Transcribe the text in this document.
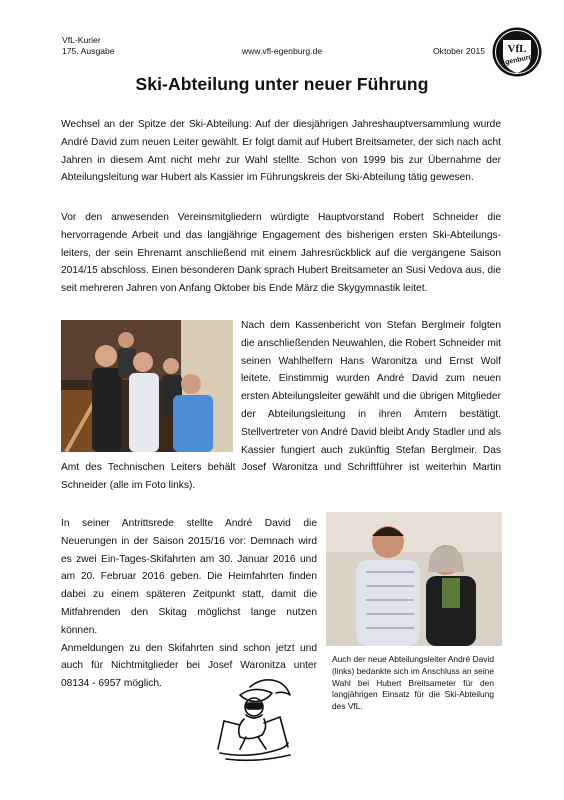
VfL-Kurier
175. Ausgabe	www.vfl-egenburg.de	Oktober 2015 VfL
Egenburg
Ski-Abteilung unter neuer Führung

Wechsel an der Spitze der Ski-Abteilung: Auf der diesjährigen Jahreshauptversammlung wurde André David zum neuen Leiter gewählt. Er folgt damit auf Hubert Breitsameter, der sich nach acht Jahren in diesem Amt nicht mehr zur Wahl stellte. Schon von 1999 bis zur Übernahme der Abteilungsleitung war Hubert als Kassier im Führungskreis der Ski-Abteilung tätig gewesen.

Vor den anwesenden Vereinsmitgliedern würdigte Hauptvorstand Robert Schneider die hervorragende Arbeit und das langjährige Engagement des bisherigen ersten Ski-Abteilungs-leiters, der sein Ehrenamt anschließend mit einem Jahresrückblick auf die vergangene Saison 2014/15 abschloss. Einen besonderen Dank sprach Hubert Breitsameter an Susi Vedova aus, die seit mehreren Jahren von Anfang Oktober bis Ende März die Skygymnastik leitet.

Nach dem Kassenbericht von Stefan Berglmeir folgten die anschließenden Neuwahlen, die Robert Schneider mit seinen Wahlhelfern Hans Waronitza und Ernst Wolf leitete. Einstimmig wurden André David zum neuen ersten Abteilungsleiter gewählt und die übrigen Mitglieder der Abteilungsleitung in ihren Ämtern bestätigt. Stellvertreter von André David bleibt Andy Stadler und als Kassier fungiert auch zukünftig Stefan Berglmeir. Das Amt des Technischen Leiters behält Josef Waronitza und Schriftführer ist weiterhin Martin Schneider (alle im Foto links).
In seiner Antrittsrede stellte André David die Neuerungen in der Saison 2015/16 vor: Demnach wird es zwei Ein-Tages-Skifahrten am 30. Januar 2016 und am 20. Februar 2016 geben. Die Heimfahrten finden dabei zu einem späteren Zeitpunkt statt, damit die Mitfahrenden den Skitag möglichst lange nutzen können.
Anmeldungen zu den Skifahrten sind schon jetzt und auch für Nichtmitglieder bei Josef Waronitza unter 08134 - 6957 möglich.
Auch der neue Abteilungsleiter André David (links) bedankte sich im Anschluss an seine Wahl bei Hubert Breitsameter für den langjährigen Einsatz für die Ski-Abteilung des VfL.
